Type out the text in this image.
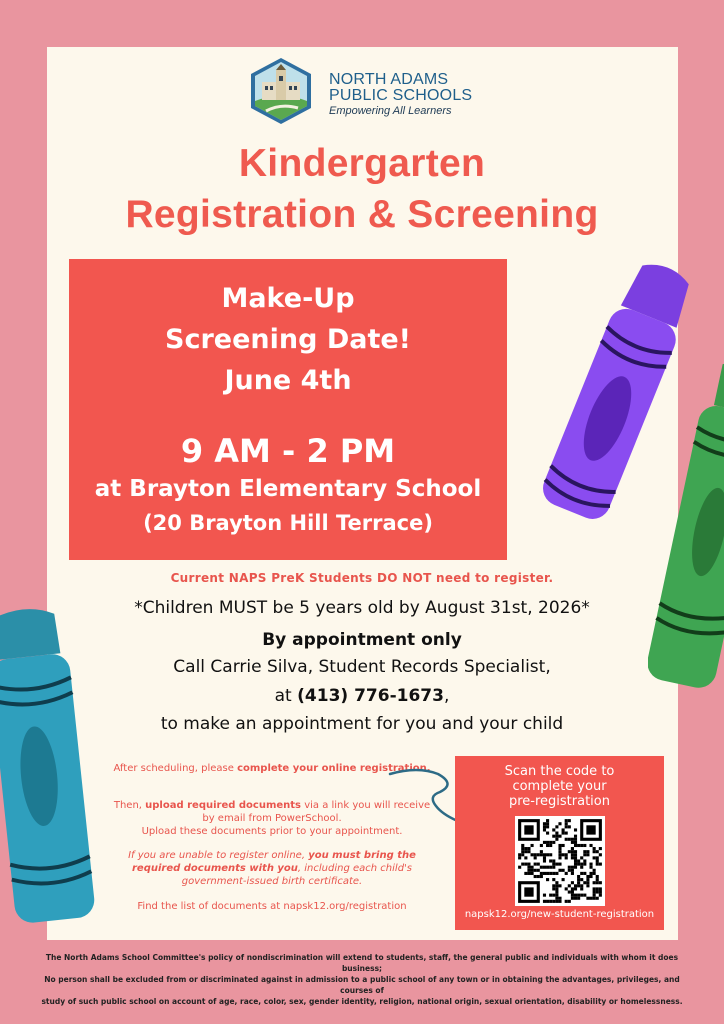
NORTH ADAMS
PUBLIC SCHOOLS
Empowering All Learners
Kindergarten
Registration & Screening
Make-Up
Screening Date!
June 4th
9 AM - 2 PM
at Brayton Elementary School
(20 Brayton Hill Terrace)
Current NAPS PreK Students DO NOT need to register.
*Children MUST be 5 years old by August 31st, 2026*
By appointment only
Call Carrie Silva, Student Records Specialist,
at (413) 776-1673,
to make an appointment for you and your child
After scheduling, please complete your online registration.
Then, upload required documents via a link you will receive by email from PowerSchool.
Upload these documents prior to your appointment.
If you are unable to register online, you must bring the required documents with you, including each child's government-issued birth certificate.
Find the list of documents at napsk12.org/registration
Scan the code to
complete your
pre-registration
napsk12.org/new-student-registration
The North Adams School Committee's policy of nondiscrimination will extend to students, staff, the general public and individuals with whom it does business;
No person shall be excluded from or discriminated against in admission to a public school of any town or in obtaining the advantages, privileges, and courses of
study of such public school on account of age, race, color, sex, gender identity, religion, national origin, sexual orientation, disability or homelessness.
